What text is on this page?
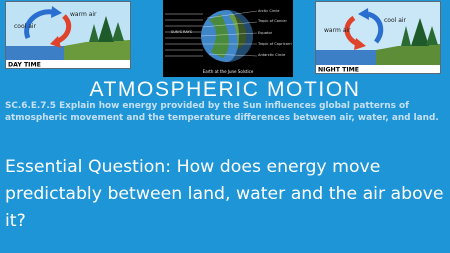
warm air
cool air
DAY TIME
Arctic Circle
Tropic of Cancer
Equator
Tropic of Capricorn
Antarctic Circle
SUN'S RAYS
Earth at the June Solstice
cool air
warm air
NIGHT TIME
ATMOSPHERIC MOTION
SC.6.E.7.5 Explain how energy provided by the Sun influences global patterns of atmospheric movement and the temperature differences between air, water, and land.
Essential Question: How does energy move predictably between land, water and the air above it?
